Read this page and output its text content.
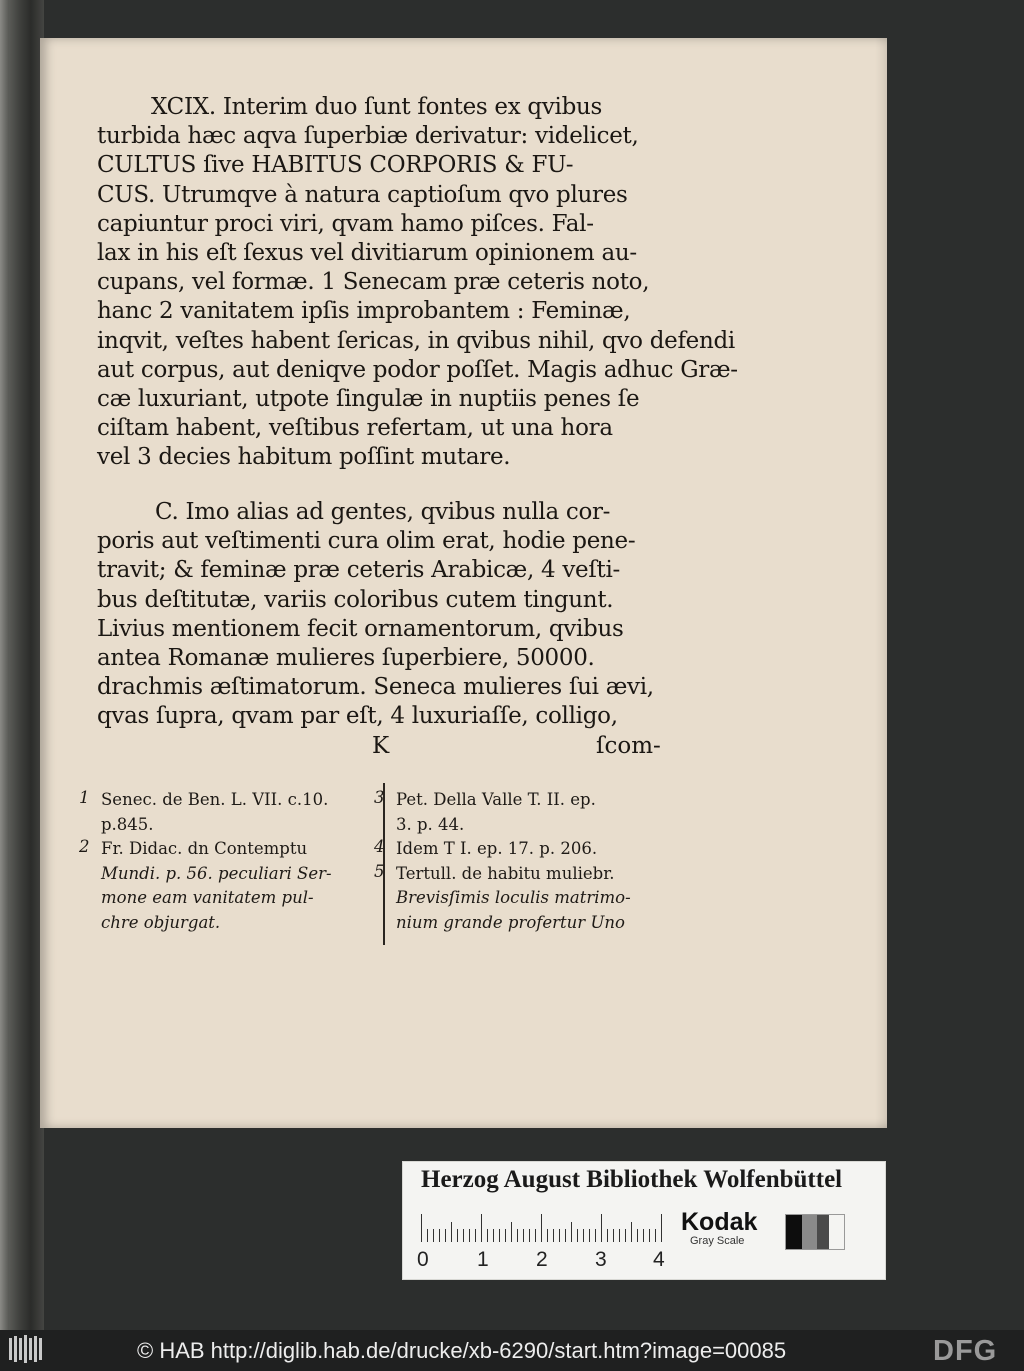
XCIX. Interim duo ſunt fontes ex qvibus
turbida hæc aqva ſuperbiæ derivatur: videlicet,
CULTUS ſive HABITUS CORPORIS & FU-
CUS. Utrumqve à natura captioſum qvo plures
capiuntur proci viri, qvam hamo piſces. Fal-
lax in his eſt ſexus vel divitiarum opinionem au-
cupans, vel formæ. 1 Senecam præ ceteris noto,
hanc 2 vanitatem ipſis improbantem : Feminæ,
inqvit, veſtes habent ſericas, in qvibus nihil, qvo defendi
aut corpus, aut deniqve podor poſſet. Magis adhuc Græ-
cæ luxuriant, utpote ſingulæ in nuptiis penes ſe
ciſtam habent, veſtibus refertam, ut una hora
vel 3 decies habitum poſſint mutare.
C. Imo alias ad gentes, qvibus nulla cor-
poris aut veſtimenti cura olim erat, hodie pene-
travit; & feminæ præ ceteris Arabicæ, 4 veſti-
bus deſtitutæ, variis coloribus cutem tingunt.
Livius mentionem fecit ornamentorum, qvibus
antea Romanæ mulieres ſuperbiere, 50000.
drachmis æſtimatorum. Seneca mulieres ſui ævi,
qvas ſupra, qvam par eſt, 4 luxuriaſſe, colligo,
K	ſcom-
1 Senec. de Ben. L. VII. c.10.
p.845.
2 Fr. Didac. dn Contemptu
Mundi. p. 56. peculiari Ser-
mone eam vanitatem pul-
chre objurgat.
3 Pet. Della Valle T. II. ep.
3. p. 44.
4 Idem T I. ep. 17. p. 206.
5 Tertull. de habitu muliebr.
Brevisſimis loculis matrimo-
nium grande profertur Uno
Herzog August Bibliothek Wolfenbüttel
0 1 2 3 4
Kodak
Gray Scale
© HAB http://diglib.hab.de/drucke/xb-6290/start.htm?image=00085	DFG
